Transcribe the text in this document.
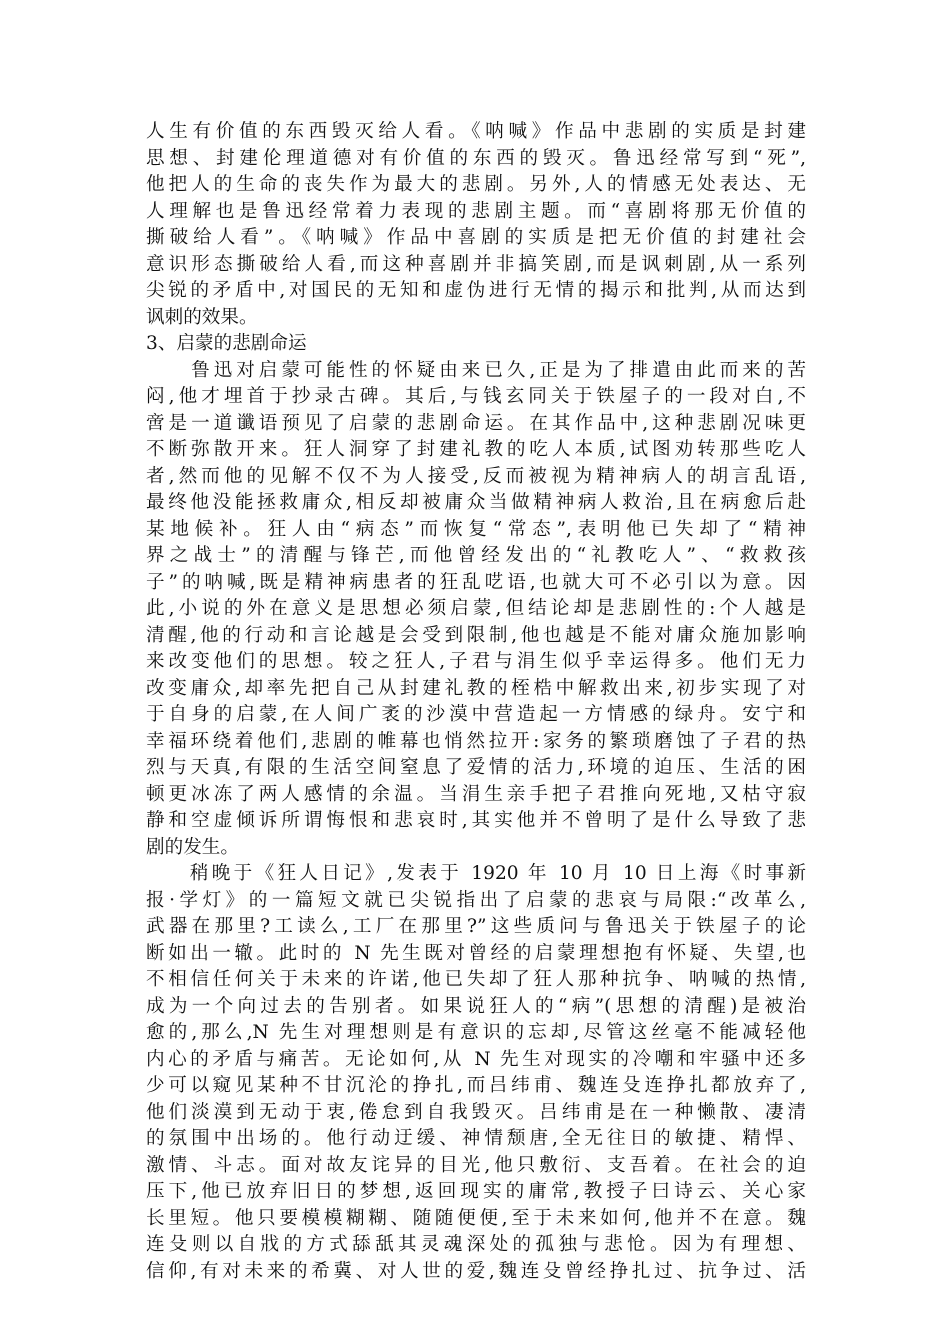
人生有价值的东西毁灭给人看。《呐喊》作品中悲剧的实质是封建
思想、封建伦理道德对有价值的东西的毁灭。鲁迅经常写到“死”,
他把人的生命的丧失作为最大的悲剧。另外,人的情感无处表达、无
人理解也是鲁迅经常着力表现的悲剧主题。而“喜剧将那无价值的
撕破给人看”。《呐喊》作品中喜剧的实质是把无价值的封建社会
意识形态撕破给人看,而这种喜剧并非搞笑剧,而是讽刺剧,从一系列
尖锐的矛盾中,对国民的无知和虚伪进行无情的揭示和批判,从而达到
讽刺的效果。
3、启蒙的悲剧命运
　　鲁迅对启蒙可能性的怀疑由来已久,正是为了排遣由此而来的苦
闷,他才埋首于抄录古碑。其后,与钱玄同关于铁屋子的一段对白,不
啻是一道谶语预见了启蒙的悲剧命运。在其作品中,这种悲剧况味更
不断弥散开来。狂人洞穿了封建礼教的吃人本质,试图劝转那些吃人
者,然而他的见解不仅不为人接受,反而被视为精神病人的胡言乱语,
最终他没能拯救庸众,相反却被庸众当做精神病人救治,且在病愈后赴
某地候补。狂人由“病态”而恢复“常态”,表明他已失却了“精神
界之战士”的清醒与锋芒,而他曾经发出的“礼教吃人”、“救救孩
子”的呐喊,既是精神病患者的狂乱呓语,也就大可不必引以为意。因
此,小说的外在意义是思想必须启蒙,但结论却是悲剧性的:个人越是
清醒,他的行动和言论越是会受到限制,他也越是不能对庸众施加影响
来改变他们的思想。较之狂人,子君与涓生似乎幸运得多。他们无力
改变庸众,却率先把自己从封建礼教的桎梏中解救出来,初步实现了对
于自身的启蒙,在人间广袤的沙漠中营造起一方情感的绿舟。安宁和
幸福环绕着他们,悲剧的帷幕也悄然拉开:家务的繁琐磨蚀了子君的热
烈与天真,有限的生活空间窒息了爱情的活力,环境的迫压、生活的困
顿更冰冻了两人感情的余温。当涓生亲手把子君推向死地,又枯守寂
静和空虚倾诉所谓悔恨和悲哀时,其实他并不曾明了是什么导致了悲
剧的发生。
　　稍晚于《狂人日记》,发表于 1920 年 10 月 10 日上海《时事新
报·学灯》的一篇短文就已尖锐指出了启蒙的悲哀与局限:“改革么,
武器在那里?工读么,工厂在那里?”这些质问与鲁迅关于铁屋子的论
断如出一辙。此时的 N 先生既对曾经的启蒙理想抱有怀疑、失望,也
不相信任何关于未来的许诺,他已失却了狂人那种抗争、呐喊的热情,
成为一个向过去的告别者。如果说狂人的“病”(思想的清醒)是被治
愈的,那么,N 先生对理想则是有意识的忘却,尽管这丝毫不能减轻他
内心的矛盾与痛苦。无论如何,从 N 先生对现实的冷嘲和牢骚中还多
少可以窥见某种不甘沉沦的挣扎,而吕纬甫、魏连殳连挣扎都放弃了,
他们淡漠到无动于衷,倦怠到自我毁灭。吕纬甫是在一种懒散、凄清
的氛围中出场的。他行动迂缓、神情颓唐,全无往日的敏捷、精悍、
激情、斗志。面对故友诧异的目光,他只敷衍、支吾着。在社会的迫
压下,他已放弃旧日的梦想,返回现实的庸常,教授子曰诗云、关心家
长里短。他只要模模糊糊、随随便便,至于未来如何,他并不在意。魏
连殳则以自戕的方式舔舐其灵魂深处的孤独与悲怆。因为有理想、
信仰,有对未来的希冀、对人世的爱,魏连殳曾经挣扎过、抗争过、活
